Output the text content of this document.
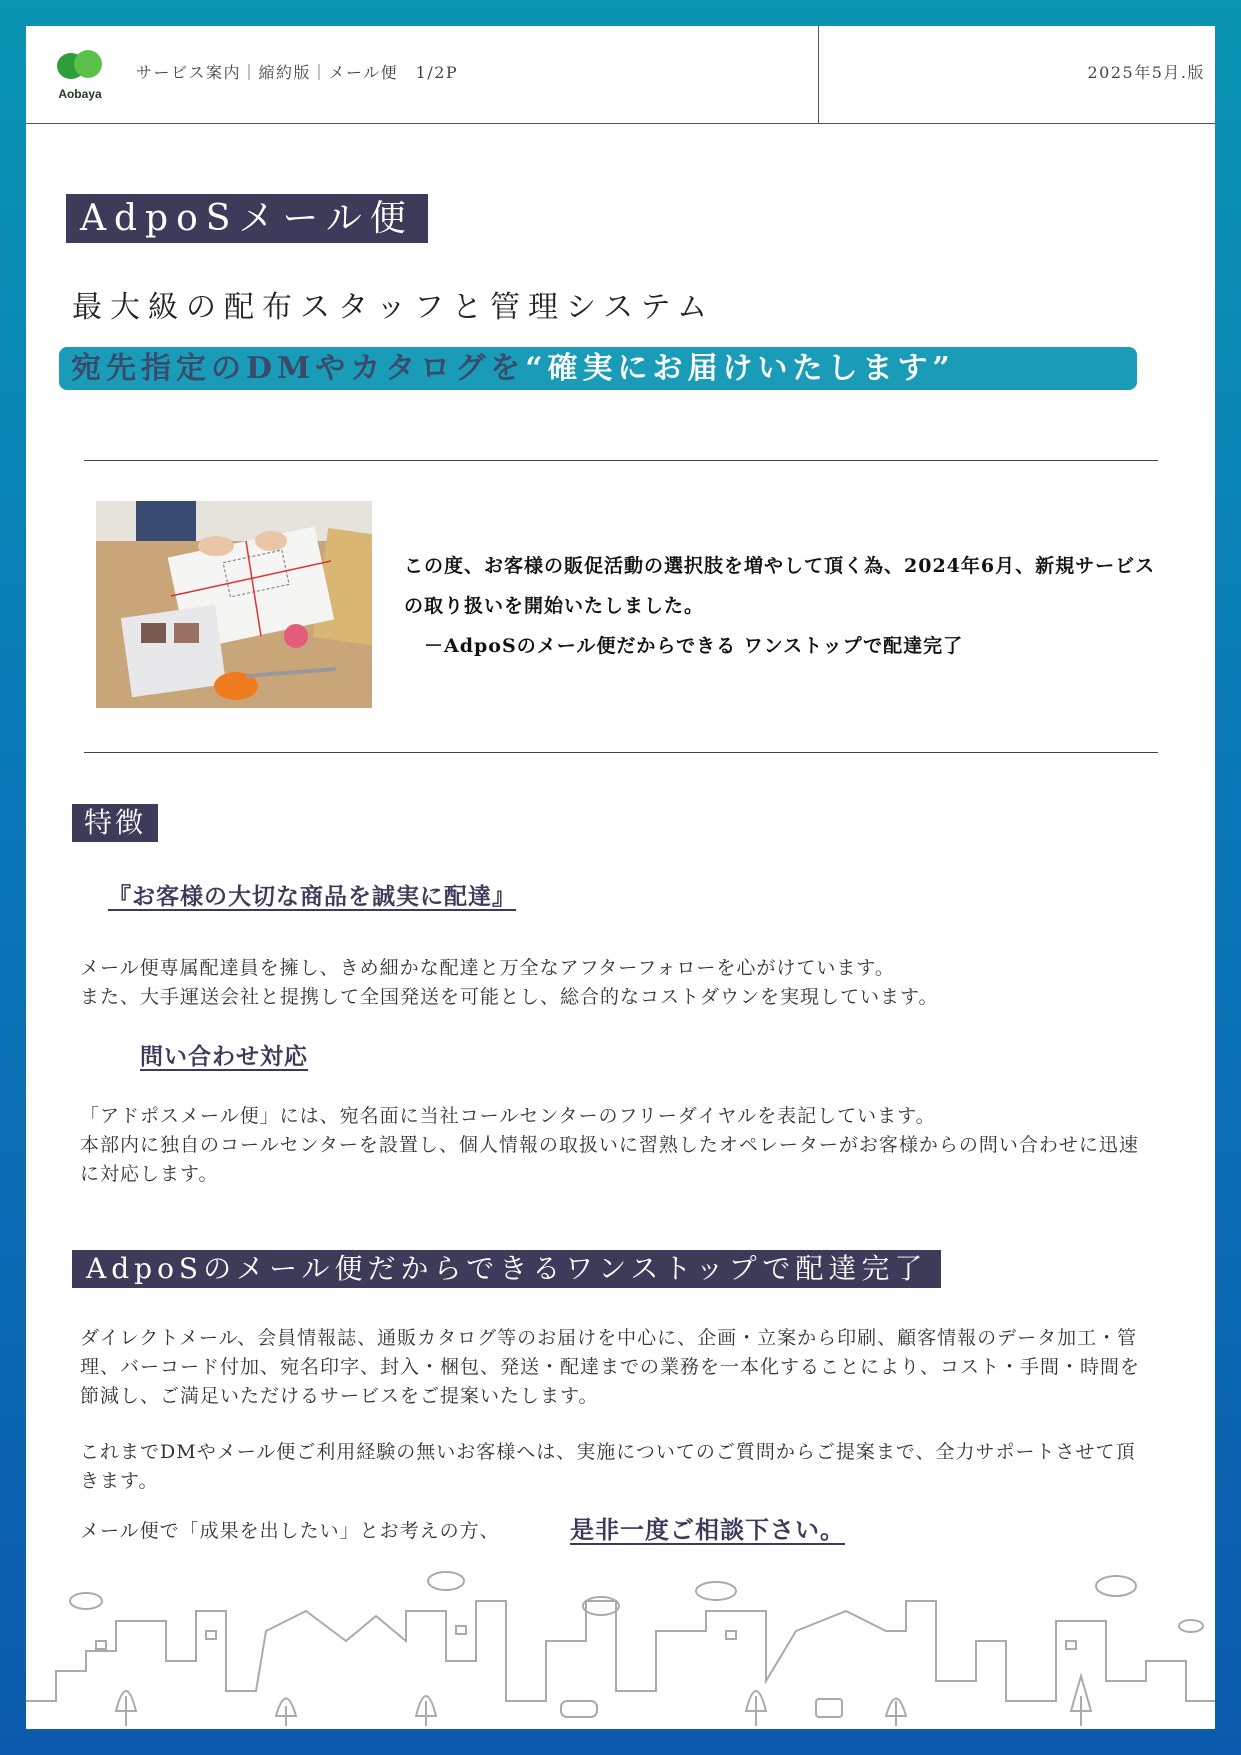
Aobaya
サービス案内｜縮約版｜メール便　1/2P	2025年5月.版
AdpoSメール便
最大級の配布スタッフと管理システム
宛先指定のDMやカタログを“確実にお届けいたします”
この度、お客様の販促活動の選択肢を増やして頂く為、2024年6月、新規サービスの取り扱いを開始いたしました。
　－AdpoSのメール便だからできる ワンストップで配達完了
特徴
『お客様の大切な商品を誠実に配達』
メール便専属配達員を擁し、きめ細かな配達と万全なアフターフォローを心がけています。
また、大手運送会社と提携して全国発送を可能とし、総合的なコストダウンを実現しています。
問い合わせ対応
「アドポスメール便」には、宛名面に当社コールセンターのフリーダイヤルを表記しています。
本部内に独自のコールセンターを設置し、個人情報の取扱いに習熟したオペレーターがお客様からの問い合わせに迅速に対応します。
AdpoSのメール便だからできるワンストップで配達完了
ダイレクトメール、会員情報誌、通販カタログ等のお届けを中心に、企画・立案から印刷、顧客情報のデータ加工・管理、バーコード付加、宛名印字、封入・梱包、発送・配達までの業務を一本化することにより、コスト・手間・時間を節減し、ご満足いただけるサービスをご提案いたします。
これまでDMやメール便ご利用経験の無いお客様へは、実施についてのご質問からご提案まで、全力サポートさせて頂きます。
メール便で「成果を出したい」とお考えの方、	是非一度ご相談下さい。
